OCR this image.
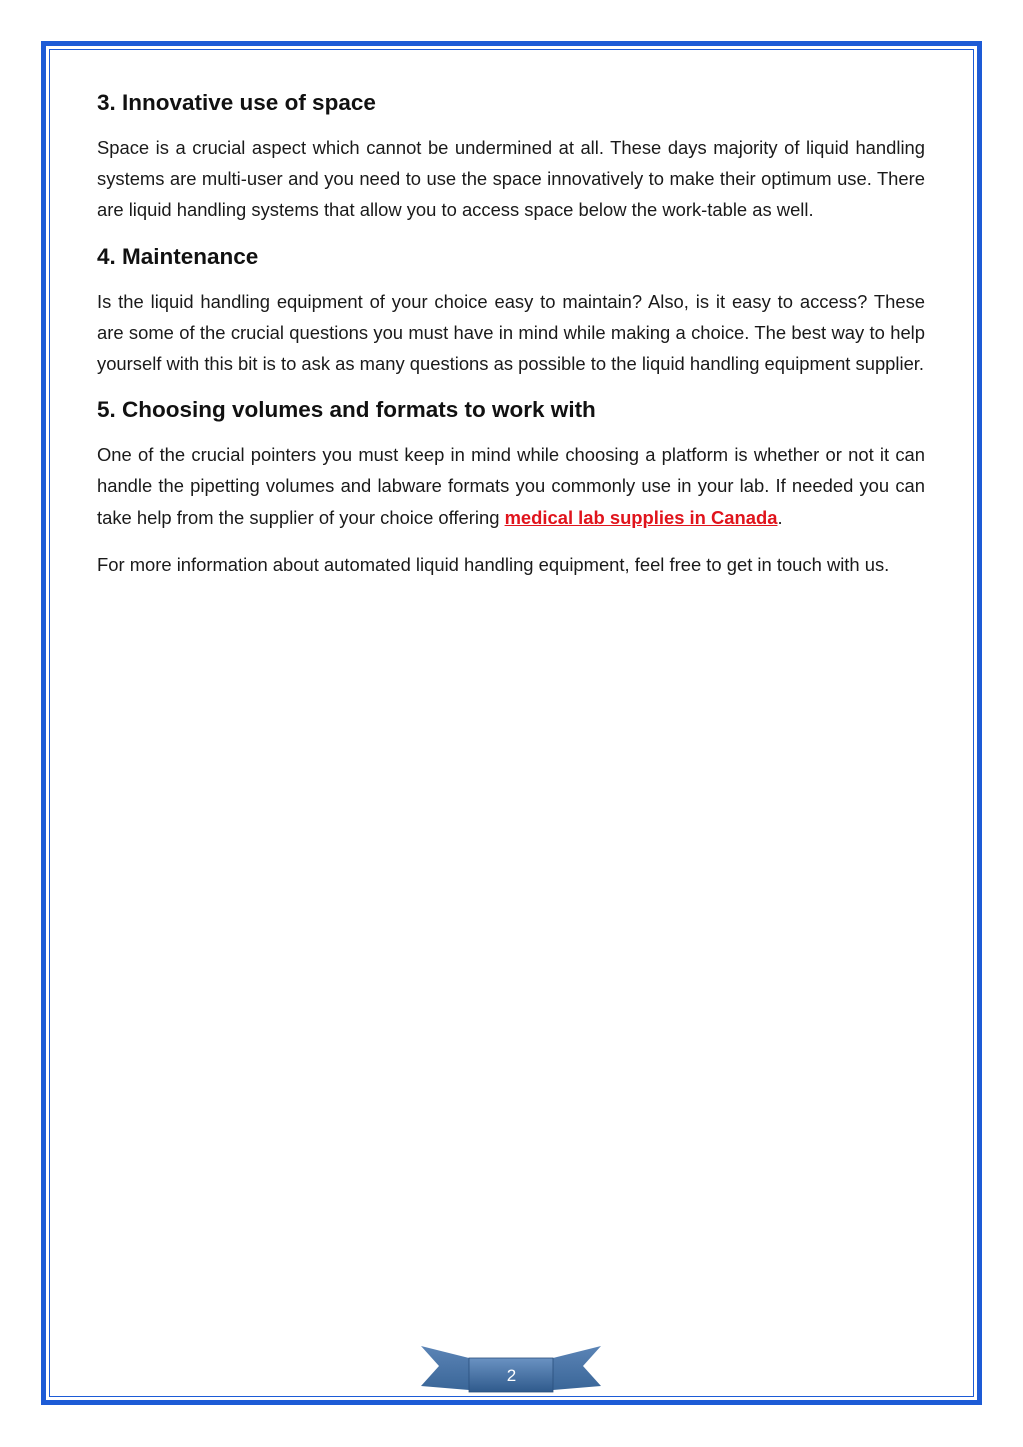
3. Innovative use of space

Space is a crucial aspect which cannot be undermined at all. These days majority of liquid handling systems are multi-user and you need to use the space innovatively to make their optimum use. There are liquid handling systems that allow you to access space below the work-table as well.

4. Maintenance

Is the liquid handling equipment of your choice easy to maintain? Also, is it easy to access? These are some of the crucial questions you must have in mind while making a choice. The best way to help yourself with this bit is to ask as many questions as possible to the liquid handling equipment supplier.

5. Choosing volumes and formats to work with

One of the crucial pointers you must keep in mind while choosing a platform is whether or not it can handle the pipetting volumes and labware formats you commonly use in your lab. If needed you can take help from the supplier of your choice offering medical lab supplies in Canada.

For more information about automated liquid handling equipment, feel free to get in touch with us.

2
